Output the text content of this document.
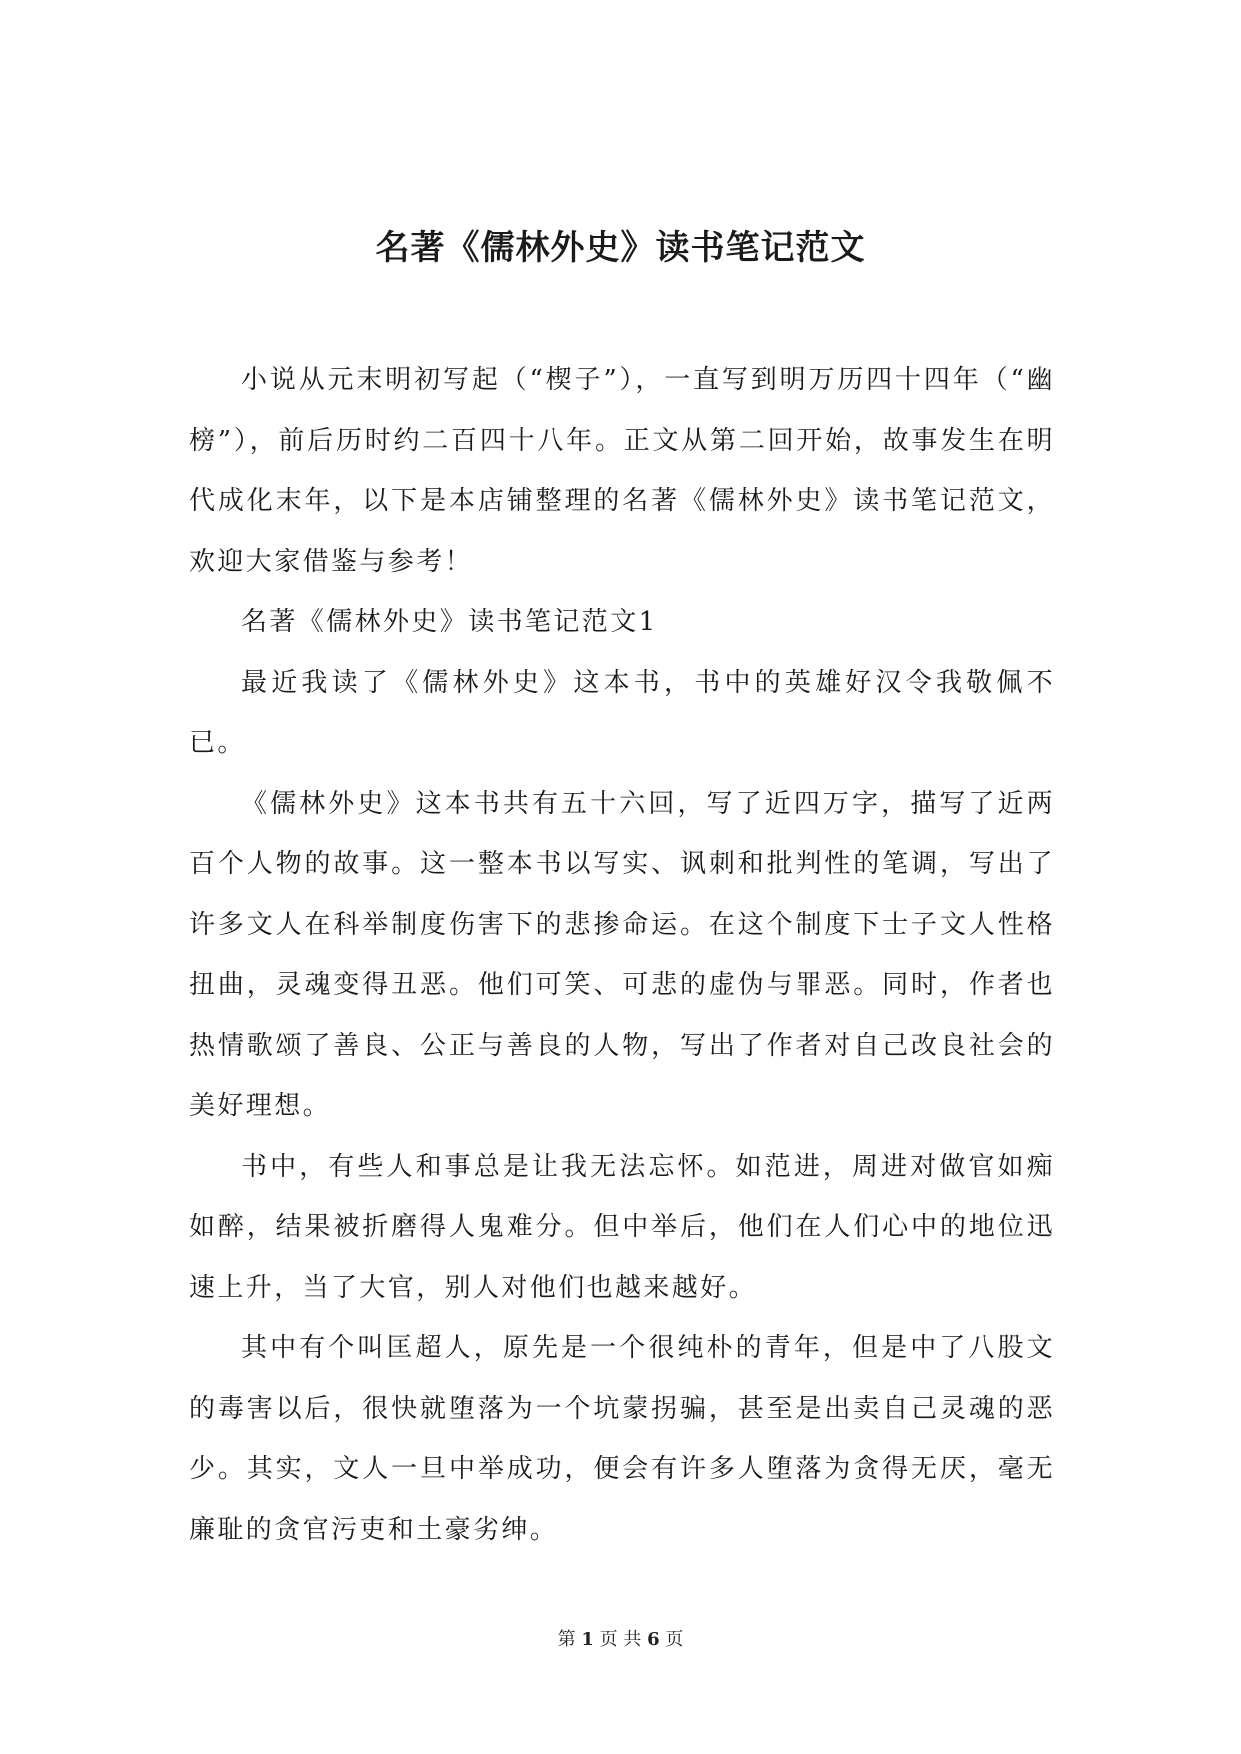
名著《儒林外史》读书笔记范文

小说从元末明初写起（“楔子”），一直写到明万历四十四年（“幽榜”），前后历时约二百四十八年。正文从第二回开始，故事发生在明代成化末年，以下是本店铺整理的名著《儒林外史》读书笔记范文，欢迎大家借鉴与参考！

名著《儒林外史》读书笔记范文1

最近我读了《儒林外史》这本书，书中的英雄好汉令我敬佩不已。

《儒林外史》这本书共有五十六回，写了近四万字，描写了近两百个人物的故事。这一整本书以写实、讽刺和批判性的笔调，写出了许多文人在科举制度伤害下的悲掺命运。在这个制度下士子文人性格扭曲，灵魂变得丑恶。他们可笑、可悲的虚伪与罪恶。同时，作者也热情歌颂了善良、公正与善良的人物，写出了作者对自己改良社会的美好理想。

书中，有些人和事总是让我无法忘怀。如范进，周进对做官如痴如醉，结果被折磨得人鬼难分。但中举后，他们在人们心中的地位迅速上升，当了大官，别人对他们也越来越好。

其中有个叫匡超人，原先是一个很纯朴的青年，但是中了八股文的毒害以后，很快就堕落为一个坑蒙拐骗，甚至是出卖自己灵魂的恶少。其实，文人一旦中举成功，便会有许多人堕落为贪得无厌，毫无廉耻的贪官污吏和土豪劣绅。

第 1 页 共 6 页
